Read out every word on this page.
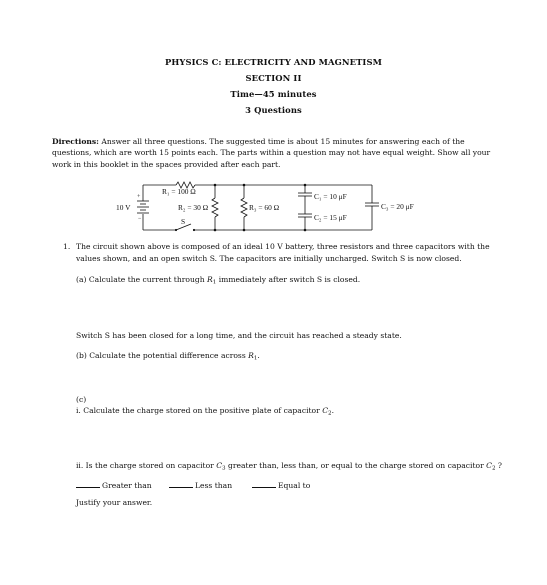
PHYSICS C: ELECTRICITY AND MAGNETISM
SECTION II
Time—45 minutes
3 Questions
Directions: Answer all three questions. The suggested time is about 15 minutes for answering each of the questions, which are worth 15 points each. The parts within a question may not have equal weight. Show all your work in this booklet in the spaces provided after each part.
10 V
+
−
R₁ = 100 Ω
R₂ = 30 Ω	R₃ = 60 Ω
S
C₁ = 10 μF
C₂ = 15 μF
C₃ = 20 μF
1. The circuit shown above is composed of an ideal 10 V battery, three resistors and three capacitors with the
values shown, and an open switch S. The capacitors are initially uncharged. Switch S is now closed.
(a) Calculate the current through $R_1$ immediately after switch S is closed.
Switch S has been closed for a long time, and the circuit has reached a steady state.
(b) Calculate the potential difference across $R_1$.
(c)
i. Calculate the charge stored on the positive plate of capacitor $C_2$.
ii. Is the charge stored on capacitor $C_3$ greater than, less than, or equal to the charge stored on capacitor $C_2$ ?
Greater than	Less than	Equal to
Justify your answer.
